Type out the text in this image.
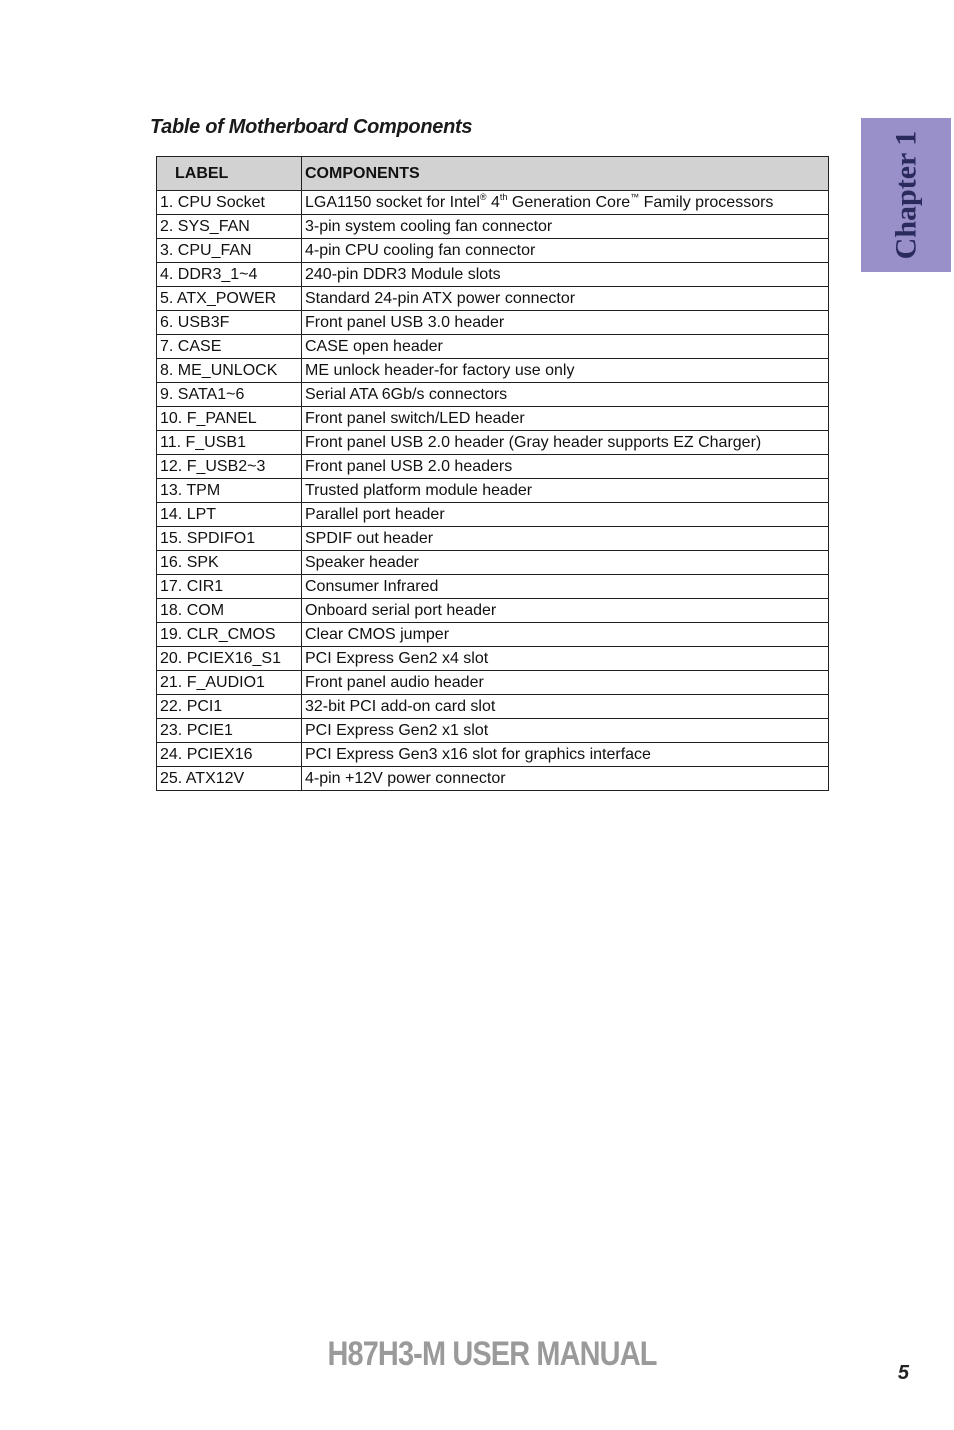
Table of Motherboard Components
LABEL	COMPONENTS
1. CPU Socket	LGA1150 socket for Intel® 4th Generation Core™ Family processors
2. SYS_FAN	3-pin system cooling fan connector
3. CPU_FAN	4-pin CPU cooling fan connector
4. DDR3_1~4	240-pin DDR3 Module slots
5. ATX_POWER	Standard 24-pin ATX power connector
6. USB3F	Front panel USB 3.0 header
7. CASE	CASE open header
8. ME_UNLOCK	ME unlock header-for factory use only
9. SATA1~6	Serial ATA 6Gb/s connectors
10. F_PANEL	Front panel switch/LED header
11. F_USB1	Front panel USB 2.0 header (Gray header supports EZ Charger)
12. F_USB2~3	Front panel USB 2.0 headers
13. TPM	Trusted platform module header
14. LPT	Parallel port header
15. SPDIFO1	SPDIF out header
16. SPK	Speaker header
17. CIR1	Consumer Infrared
18. COM	Onboard serial port header
19. CLR_CMOS	Clear CMOS jumper
20. PCIEX16_S1	PCI Express Gen2 x4 slot
21. F_AUDIO1	Front panel audio header
22. PCI1	32-bit PCI add-on card slot
23. PCIE1	PCI Express Gen2 x1 slot
24. PCIEX16	PCI Express Gen3 x16 slot for graphics interface
25. ATX12V	4-pin +12V power connector
Chapter 1
H87H3-M USER MANUAL	5
